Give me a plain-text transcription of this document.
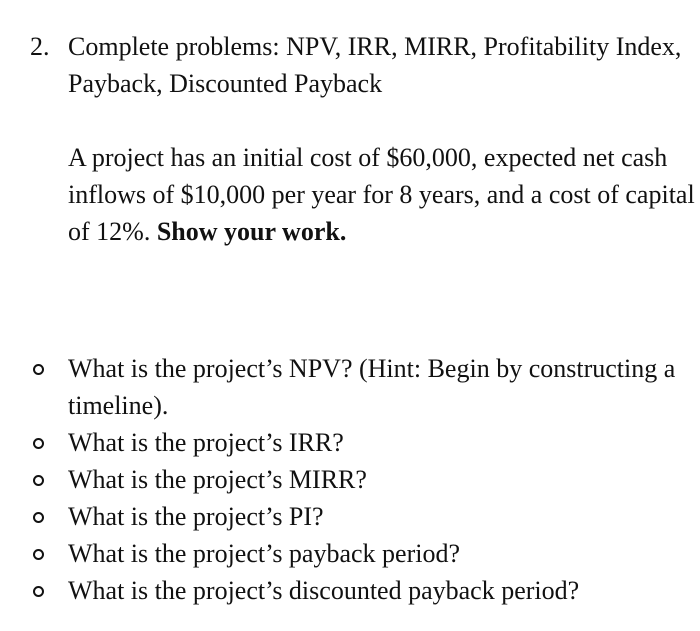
2. Complete problems: NPV, IRR, MIRR, Profitability Index, Payback, Discounted Payback

A project has an initial cost of $60,000, expected net cash inflows of $10,000 per year for 8 years, and a cost of capital of 12%. Show your work.

What is the project’s NPV? (Hint: Begin by constructing a timeline).
What is the project’s IRR?
What is the project’s MIRR?
What is the project’s PI?
What is the project’s payback period?
What is the project’s discounted payback period?
